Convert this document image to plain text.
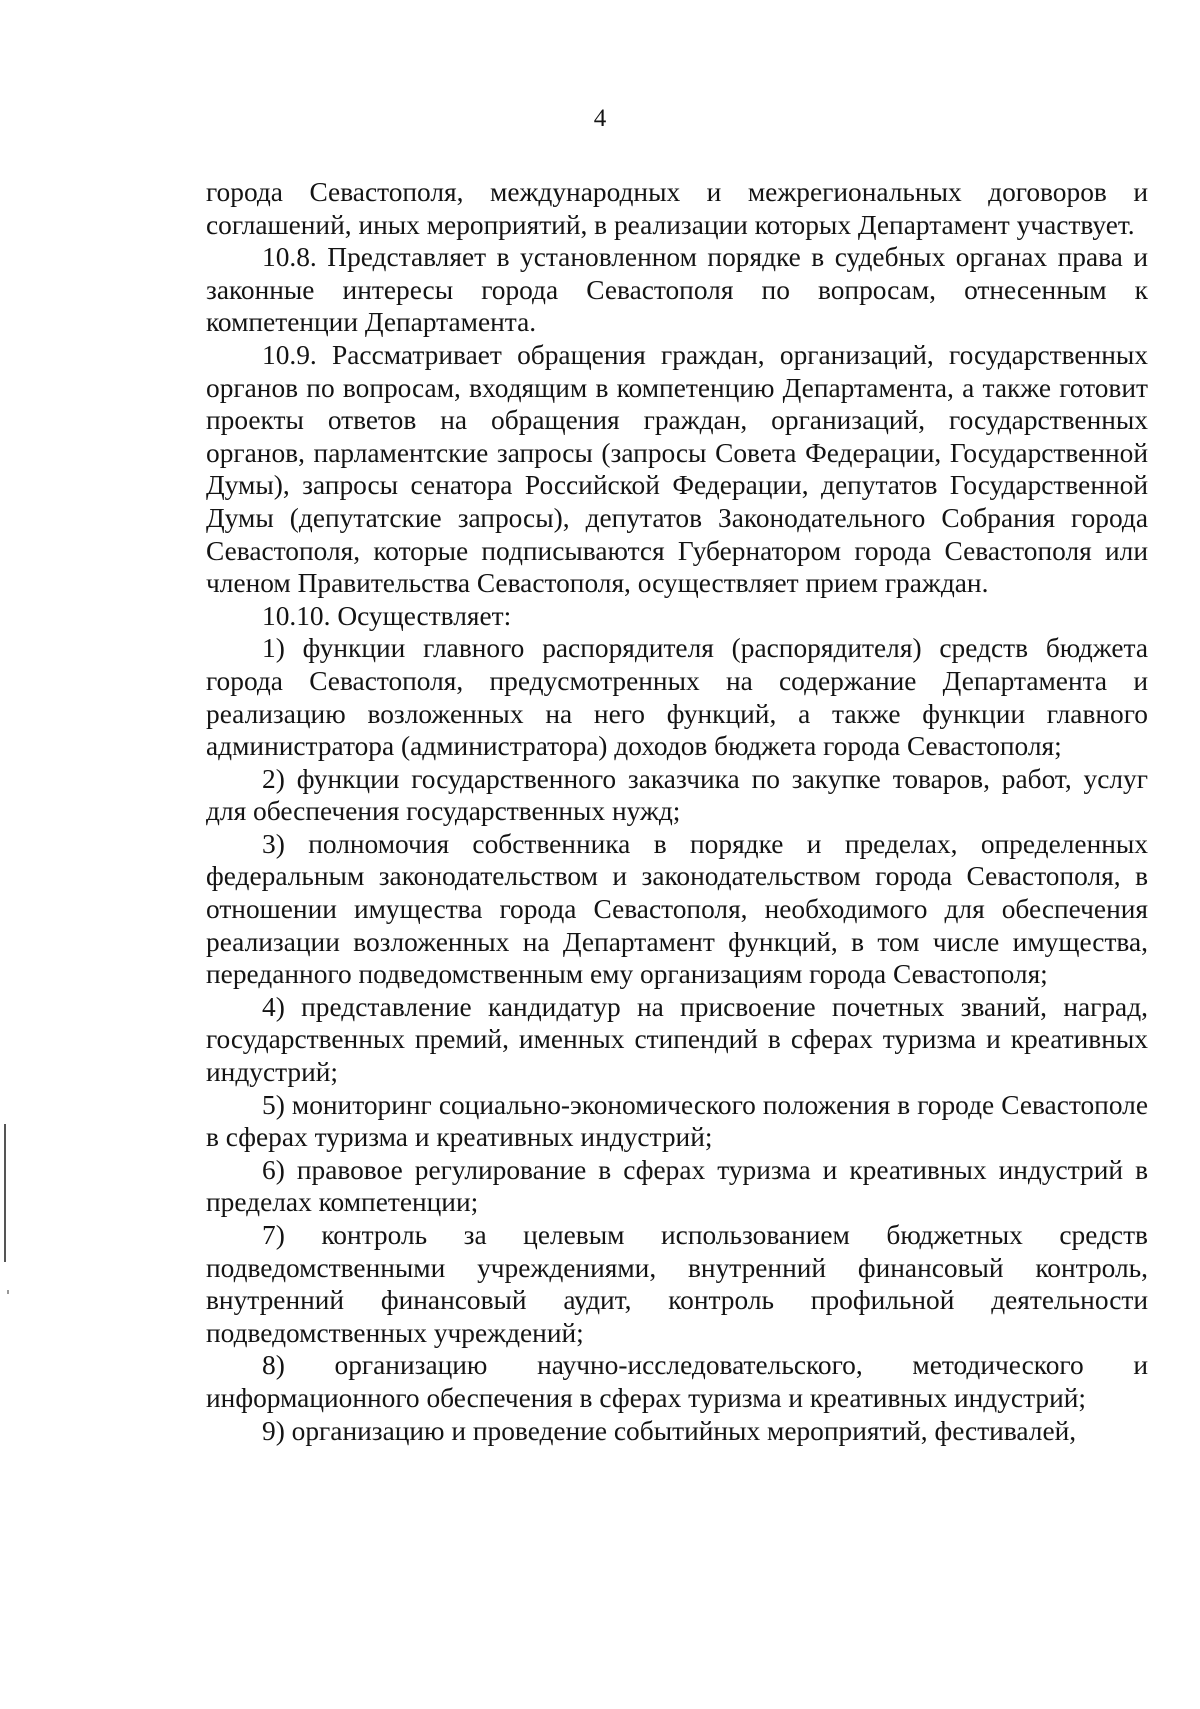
4

города Севастополя, международных и межрегиональных договоров и соглашений, иных мероприятий, в реализации которых Департамент участвует.

10.8. Представляет в установленном порядке в судебных органах права и законные интересы города Севастополя по вопросам, отнесенным к компетенции Департамента.

10.9. Рассматривает обращения граждан, организаций, государственных органов по вопросам, входящим в компетенцию Департамента, а также готовит проекты ответов на обращения граждан, организаций, государственных органов, парламентские запросы (запросы Совета Федерации, Государственной Думы), запросы сенатора Российской Федерации, депутатов Государственной Думы (депутатские запросы), депутатов Законодательного Собрания города Севастополя, которые подписываются Губернатором города Севастополя или членом Правительства Севастополя, осуществляет прием граждан.

10.10. Осуществляет:

1) функции главного распорядителя (распорядителя) средств бюджета города Севастополя, предусмотренных на содержание Департамента и реализацию возложенных на него функций, а также функции главного администратора (администратора) доходов бюджета города Севастополя;

2) функции государственного заказчика по закупке товаров, работ, услуг для обеспечения государственных нужд;

3) полномочия собственника в порядке и пределах, определенных федеральным законодательством и законодательством города Севастополя, в отношении имущества города Севастополя, необходимого для обеспечения реализации возложенных на Департамент функций, в том числе имущества, переданного подведомственным ему организациям города Севастополя;

4) представление кандидатур на присвоение почетных званий, наград, государственных премий, именных стипендий в сферах туризма и креативных индустрий;

5) мониторинг социально-экономического положения в городе Севастополе в сферах туризма и креативных индустрий;

6) правовое регулирование в сферах туризма и креативных индустрий в пределах компетенции;

7) контроль за целевым использованием бюджетных средств подведомственными учреждениями, внутренний финансовый контроль, внутренний финансовый аудит, контроль профильной деятельности подведомственных учреждений;

8) организацию научно-исследовательского, методического и информационного обеспечения в сферах туризма и креативных индустрий;

9) организацию и проведение событийных мероприятий, фестивалей,
